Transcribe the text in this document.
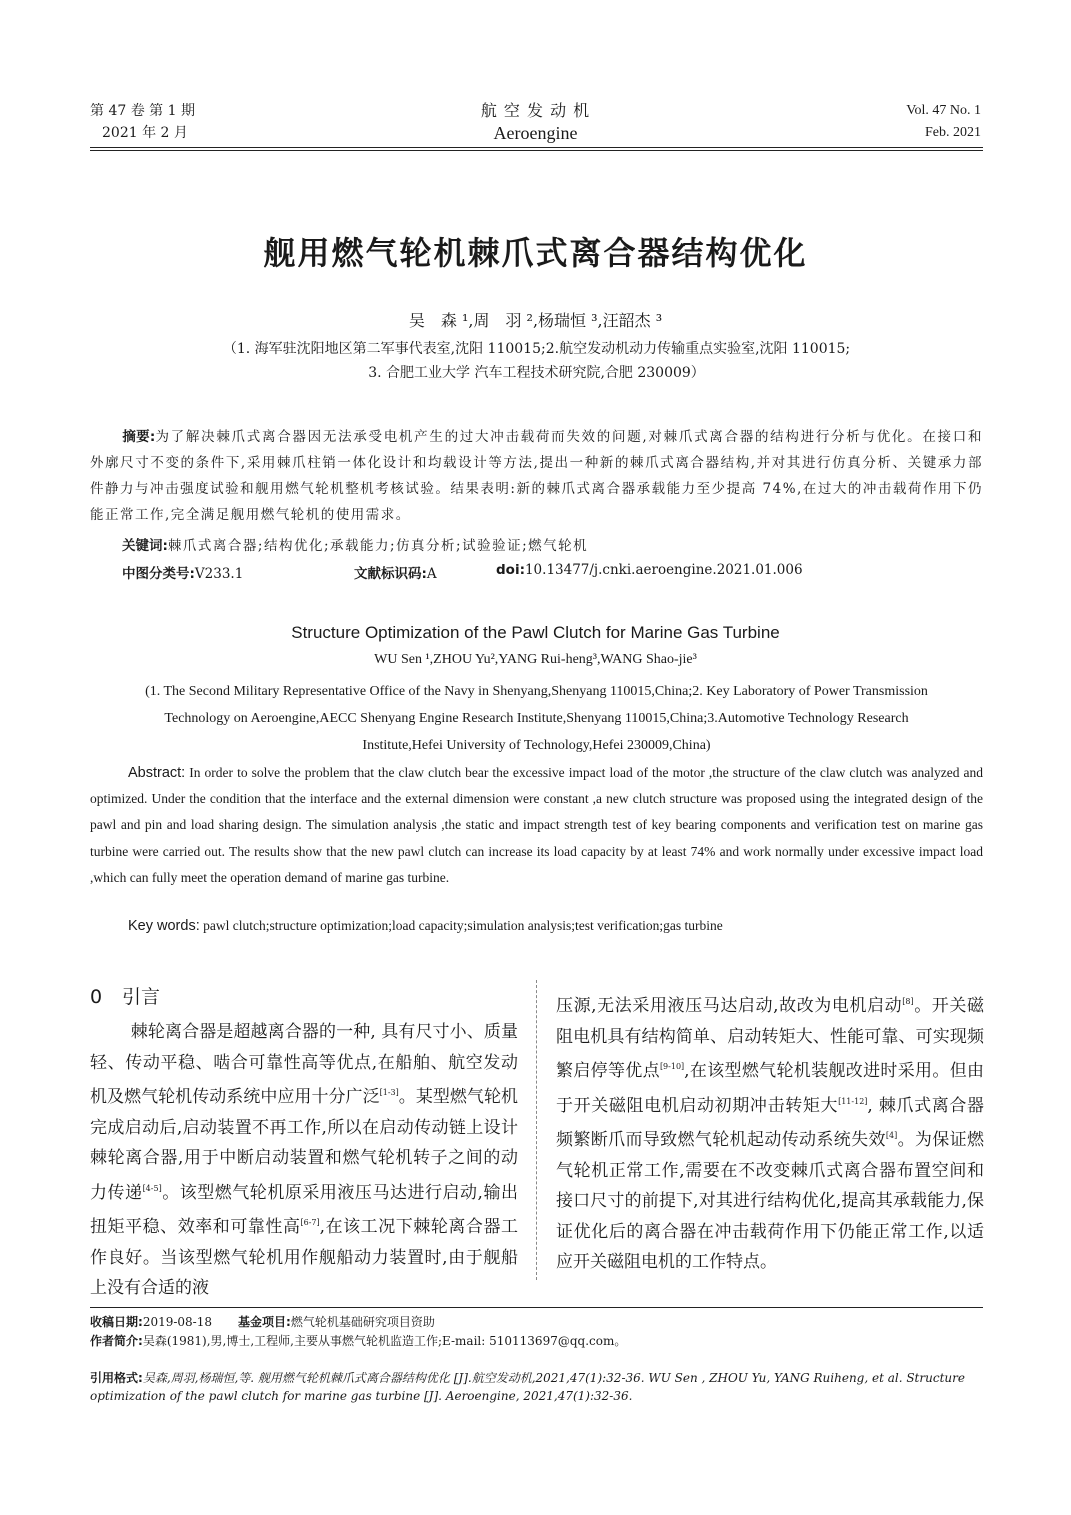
第 47 卷 第 1 期
2021 年 2 月
航 空 发 动 机
Aeroengine
Vol. 47 No. 1
Feb. 2021
舰用燃气轮机棘爪式离合器结构优化
吴　森 ¹,周　羽 ²,杨瑞恒 ³,汪韶杰 ³
（1. 海军驻沈阳地区第二军事代表室,沈阳 110015;2.航空发动机动力传输重点实验室,沈阳 110015;
3. 合肥工业大学 汽车工程技术研究院,合肥 230009）
摘要:为了解决棘爪式离合器因无法承受电机产生的过大冲击载荷而失效的问题,对棘爪式离合器的结构进行分析与优化。在接口和外廓尺寸不变的条件下,采用棘爪柱销一体化设计和均载设计等方法,提出一种新的棘爪式离合器结构,并对其进行仿真分析、关键承力部件静力与冲击强度试验和舰用燃气轮机整机考核试验。结果表明:新的棘爪式离合器承载能力至少提高 74%,在过大的冲击载荷作用下仍能正常工作,完全满足舰用燃气轮机的使用需求。
关键词:棘爪式离合器;结构优化;承载能力;仿真分析;试验验证;燃气轮机
中图分类号:V233.1	文献标识码:A	doi:10.13477/j.cnki.aeroengine.2021.01.006
Structure Optimization of the Pawl Clutch for Marine Gas Turbine
WU Sen ¹,ZHOU Yu²,YANG Rui-heng³,WANG Shao-jie³
(1. The Second Military Representative Office of the Navy in Shenyang,Shenyang 110015,China;2. Key Laboratory of Power Transmission
Technology on Aeroengine,AECC Shenyang Engine Research Institute,Shenyang 110015,China;3.Automotive Technology Research
Institute,Hefei University of Technology,Hefei 230009,China)
Abstract: In order to solve the problem that the claw clutch bear the excessive impact load of the motor ,the structure of the claw clutch was analyzed and optimized. Under the condition that the interface and the external dimension were constant ,a new clutch structure was proposed using the integrated design of the pawl and pin and load sharing design. The simulation analysis ,the static and impact strength test of key bearing components and verification test on marine gas turbine were carried out. The results show that the new pawl clutch can increase its load capacity by at least 74% and work normally under excessive impact load ,which can fully meet the operation demand of marine gas turbine.
Key words: pawl clutch;structure optimization;load capacity;simulation analysis;test verification;gas turbine
0 引言

棘轮离合器是超越离合器的一种, 具有尺寸小、质量轻、传动平稳、啮合可靠性高等优点,在船舶、航空发动机及燃气轮机传动系统中应用十分广泛[1-3]。某型燃气轮机完成启动后,启动装置不再工作,所以在启动传动链上设计棘轮离合器,用于中断启动装置和燃气轮机转子之间的动力传递[4-5]。该型燃气轮机原采用液压马达进行启动,输出扭矩平稳、效率和可靠性高[6-7],在该工况下棘轮离合器工作良好。当该型燃气轮机用作舰船动力装置时,由于舰船上没有合适的液

压源,无法采用液压马达启动,故改为电机启动[8]。开关磁阻电机具有结构简单、启动转矩大、性能可靠、可实现频繁启停等优点[9-10],在该型燃气轮机装舰改进时采用。但由于开关磁阻电机启动初期冲击转矩大[11-12], 棘爪式离合器频繁断爪而导致燃气轮机起动传动系统失效[4]。为保证燃气轮机正常工作,需要在不改变棘爪式离合器布置空间和接口尺寸的前提下,对其进行结构优化,提高其承载能力,保证优化后的离合器在冲击载荷作用下仍能正常工作,以适应开关磁阻电机的工作特点。

收稿日期:2019-08-18 基金项目:燃气轮机基础研究项目资助
作者简介:吴森(1981),男,博士,工程师,主要从事燃气轮机监造工作;E-mail: 510113697@qq.com。
引用格式:吴森,周羽,杨瑞恒,等. 舰用燃气轮机棘爪式离合器结构优化 [J].航空发动机,2021,47(1):32-36. WU Sen , ZHOU Yu, YANG Ruiheng, et al. Structure optimization of the pawl clutch for marine gas turbine [J]. Aeroengine, 2021,47(1):32-36.
